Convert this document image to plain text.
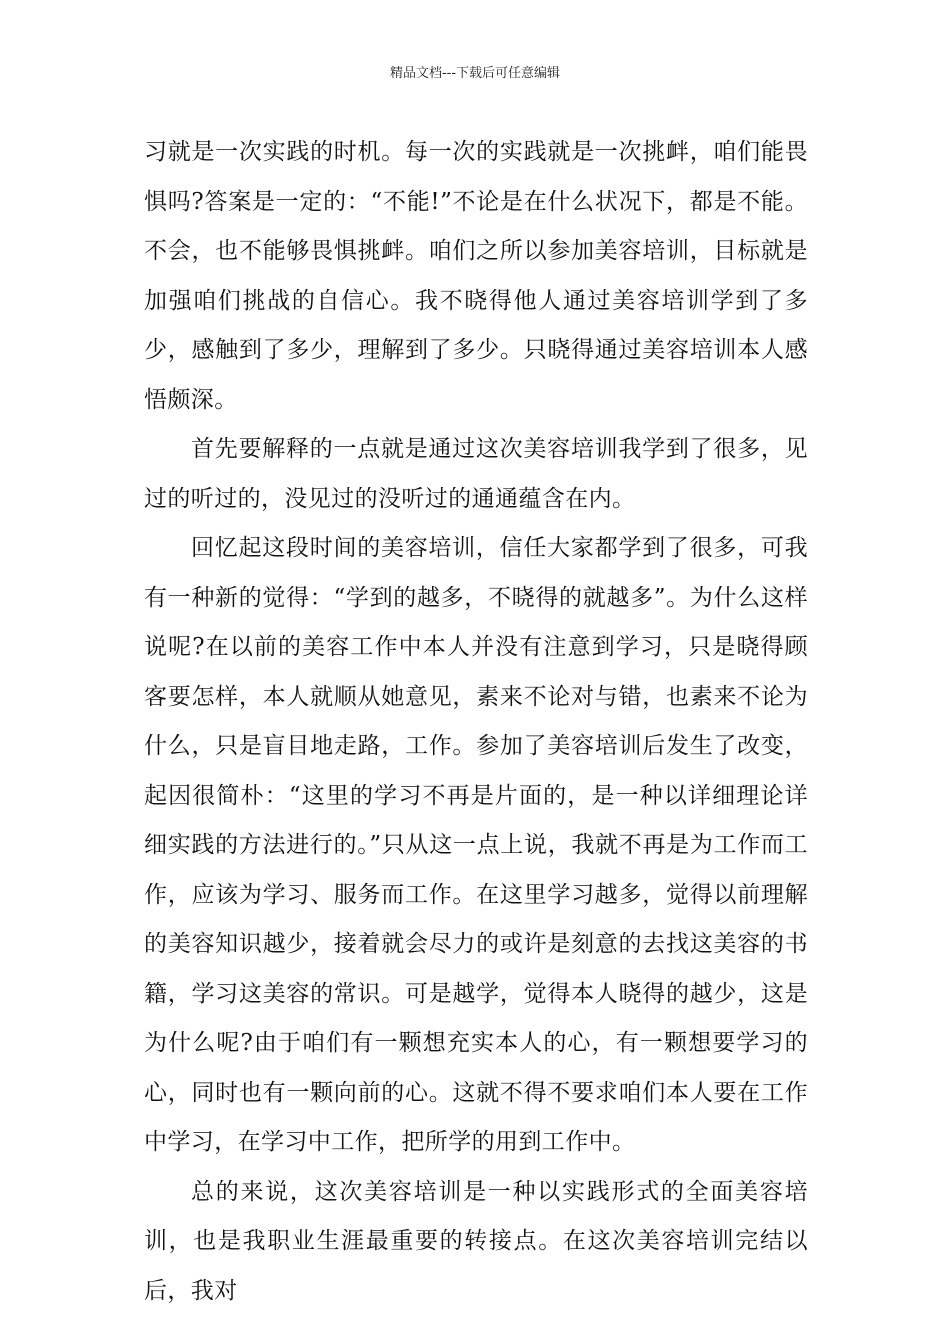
精品文档---下载后可任意编辑

习就是一次实践的时机。每一次的实践就是一次挑衅，咱们能畏惧吗?答案是一定的：“不能!”不论是在什么状况下，都是不能。不会，也不能够畏惧挑衅。咱们之所以参加美容培训，目标就是加强咱们挑战的自信心。我不晓得他人通过美容培训学到了多少，感触到了多少，理解到了多少。只晓得通过美容培训本人感悟颇深。

首先要解释的一点就是通过这次美容培训我学到了很多，见过的听过的，没见过的没听过的通通蕴含在内。

回忆起这段时间的美容培训，信任大家都学到了很多，可我有一种新的觉得：“学到的越多，不晓得的就越多”。为什么这样说呢?在以前的美容工作中本人并没有注意到学习，只是晓得顾客要怎样，本人就顺从她意见，素来不论对与错，也素来不论为什么，只是盲目地走路，工作。参加了美容培训后发生了改变，起因很简朴：“这里的学习不再是片面的，是一种以详细理论详细实践的方法进行的。”只从这一点上说，我就不再是为工作而工作，应该为学习、服务而工作。在这里学习越多，觉得以前理解的美容知识越少，接着就会尽力的或许是刻意的去找这美容的书籍，学习这美容的常识。可是越学，觉得本人晓得的越少，这是为什么呢?由于咱们有一颗想充实本人的心，有一颗想要学习的心，同时也有一颗向前的心。这就不得不要求咱们本人要在工作中学习，在学习中工作，把所学的用到工作中。

总的来说，这次美容培训是一种以实践形式的全面美容培训，也是我职业生涯最重要的转接点。在这次美容培训完结以后，我对
